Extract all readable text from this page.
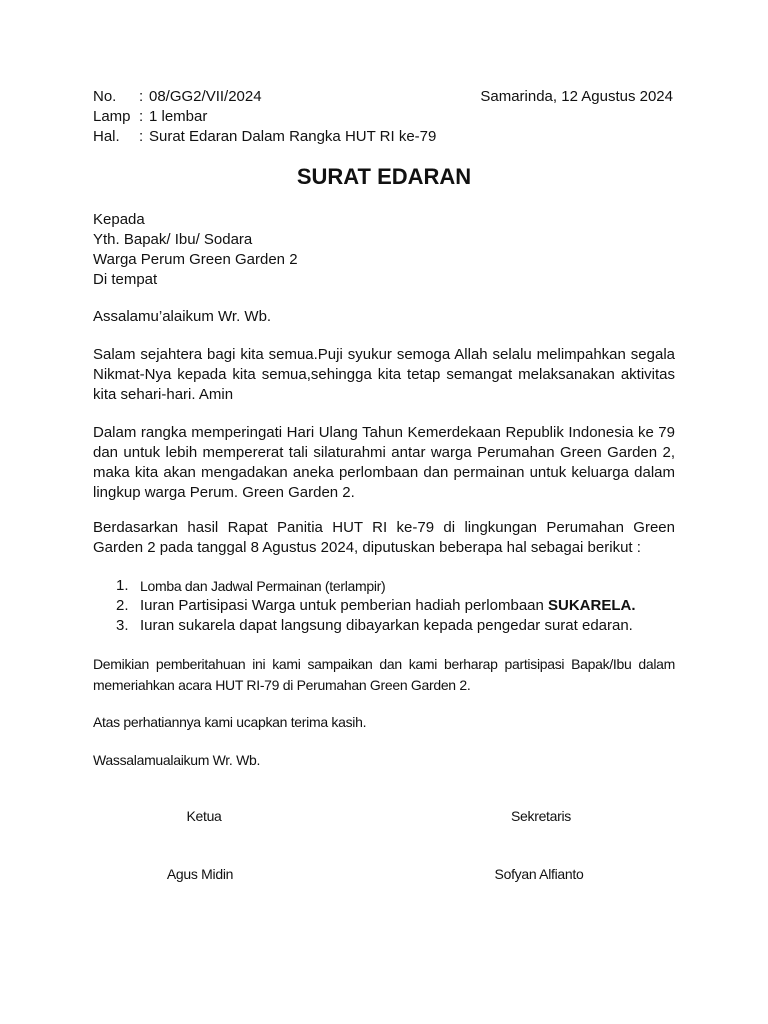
No.	: 08/GG2/VII/2024
Lamp : 1 lembar
Hal.	: Surat Edaran Dalam Rangka HUT RI ke-79
Samarinda, 12 Agustus 2024
SURAT EDARAN
Kepada
Yth. Bapak/ Ibu/ Sodara
Warga Perum Green Garden 2
Di tempat
Assalamu’alaikum Wr. Wb.
Salam sejahtera bagi kita semua.Puji syukur semoga Allah selalu melimpahkan segala Nikmat-Nya kepada kita semua,sehingga kita tetap semangat melaksanakan aktivitas kita sehari-hari. Amin
Dalam rangka memperingati Hari Ulang Tahun Kemerdekaan Republik Indonesia ke 79 dan untuk lebih mempererat tali silaturahmi antar warga Perumahan Green Garden 2, maka kita akan mengadakan aneka perlombaan dan permainan untuk keluarga dalam lingkup warga Perum. Green Garden 2.
Berdasarkan hasil Rapat Panitia HUT RI ke-79 di lingkungan Perumahan Green Garden 2 pada tanggal 8 Agustus 2024, diputuskan beberapa hal sebagai berikut :
1. Lomba dan Jadwal Permainan (terlampir)
2. Iuran Partisipasi Warga untuk pemberian hadiah perlombaan SUKARELA.
3. Iuran sukarela dapat langsung dibayarkan kepada pengedar surat edaran.
Demikian pemberitahuan ini kami sampaikan dan kami berharap partisipasi Bapak/Ibu dalam memeriahkan acara HUT RI-79 di Perumahan Green Garden 2.
Atas perhatiannya kami ucapkan terima kasih.
Wassalamualaikum Wr. Wb.
Ketua
Agus Midin
Sekretaris
Sofyan Alfianto
